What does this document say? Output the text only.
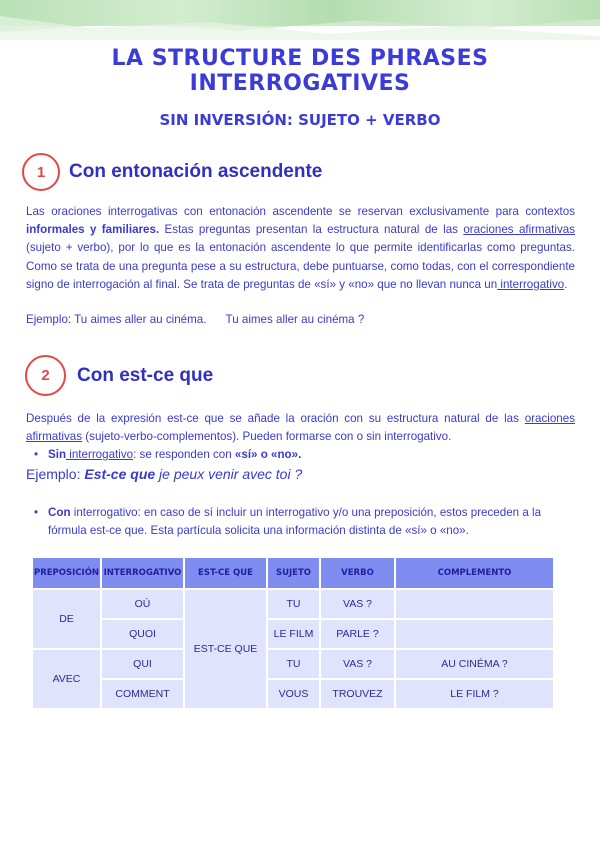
LA STRUCTURE DES PHRASES INTERROGATIVES
SIN INVERSIÓN: SUJETO + VERBO
1	Con entonación ascendente
Las oraciones interrogativas con entonación ascendente se reservan exclusivamente para contextos informales y familiares. Estas preguntas presentan la estructura natural de las oraciones afirmativas (sujeto + verbo), por lo que es la entonación ascendente lo que permite identificarlas como preguntas. Como se trata de una pregunta pese a su estructura, debe puntuarse, como todas, con el correspondiente signo de interrogación al final. Se trata de preguntas de «sí» y «no» que no llevan nunca un interrogativo.
Ejemplo: Tu aimes aller au cinéma.      Tu aimes aller au cinéma ?
2	Con est-ce que
Después de la expresión est-ce que se añade la oración con su estructura natural de las oraciones afirmativas (sujeto-verbo-complementos). Pueden formarse con o sin interrogativo.
• Sin interrogativo: se responden con «sí» o «no».
Ejemplo: Est-ce que je peux venir avec toi ?
• Con interrogativo: en caso de sí incluir un interrogativo y/o una preposición, estos preceden a la fórmula est-ce que. Esta partícula solicita una información distinta de «sí» o «no».
PREPOSICIÓN	INTERROGATIVO	EST-CE QUE	SUJETO	VERBO	COMPLEMENTO
DE	OÚ	EST-CE QUE	TU	VAS ?	
	QUOI		LE FILM	PARLE ?	
AVEC	QUI		TU	VAS ?	AU CINÉMA ?
	COMMENT		VOUS	TROUVEZ	LE FILM ?
